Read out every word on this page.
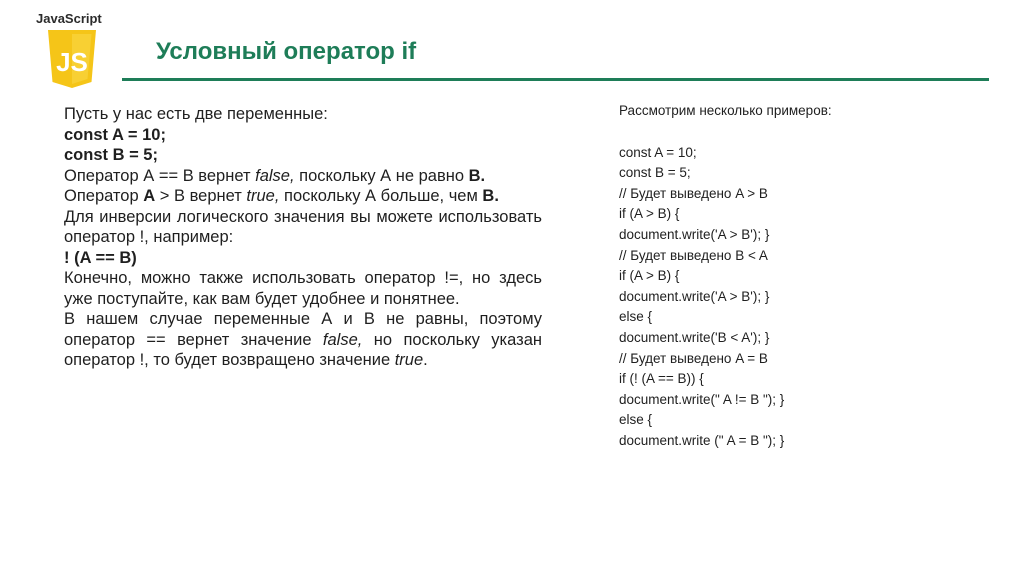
JavaScript
JS	Условный оператор if

Пусть у нас есть две переменные:

const A = 10;

const B = 5;

Оператор А == В вернет false, поскольку А не равно В.

Оператор А > В вернет true, поскольку А больше, чем В.

Для инверсии логического значения вы можете использовать оператор !, например:

! (A == B)

Конечно, можно также использовать оператор !=, но здесь уже поступайте, как вам будет удобнее и понятнее.

В нашем случае переменные А и В не равны, поэтому оператор == вернет значение false, но поскольку указан оператор !, то будет возвращено значение true.

Рассмотрим несколько примеров:
const A = 10;
const B = 5;
// Будет выведено A > B
if (A > B) {
document.write('A > B'); }
// Будет выведено B < A
if (A > B) {
document.write('A > B'); }
else {
document.write('B < A'); }
// Будет выведено A = B
if (! (A == B)) {
document.write(" A != B "); }
else {
document.write (" A = B "); }
